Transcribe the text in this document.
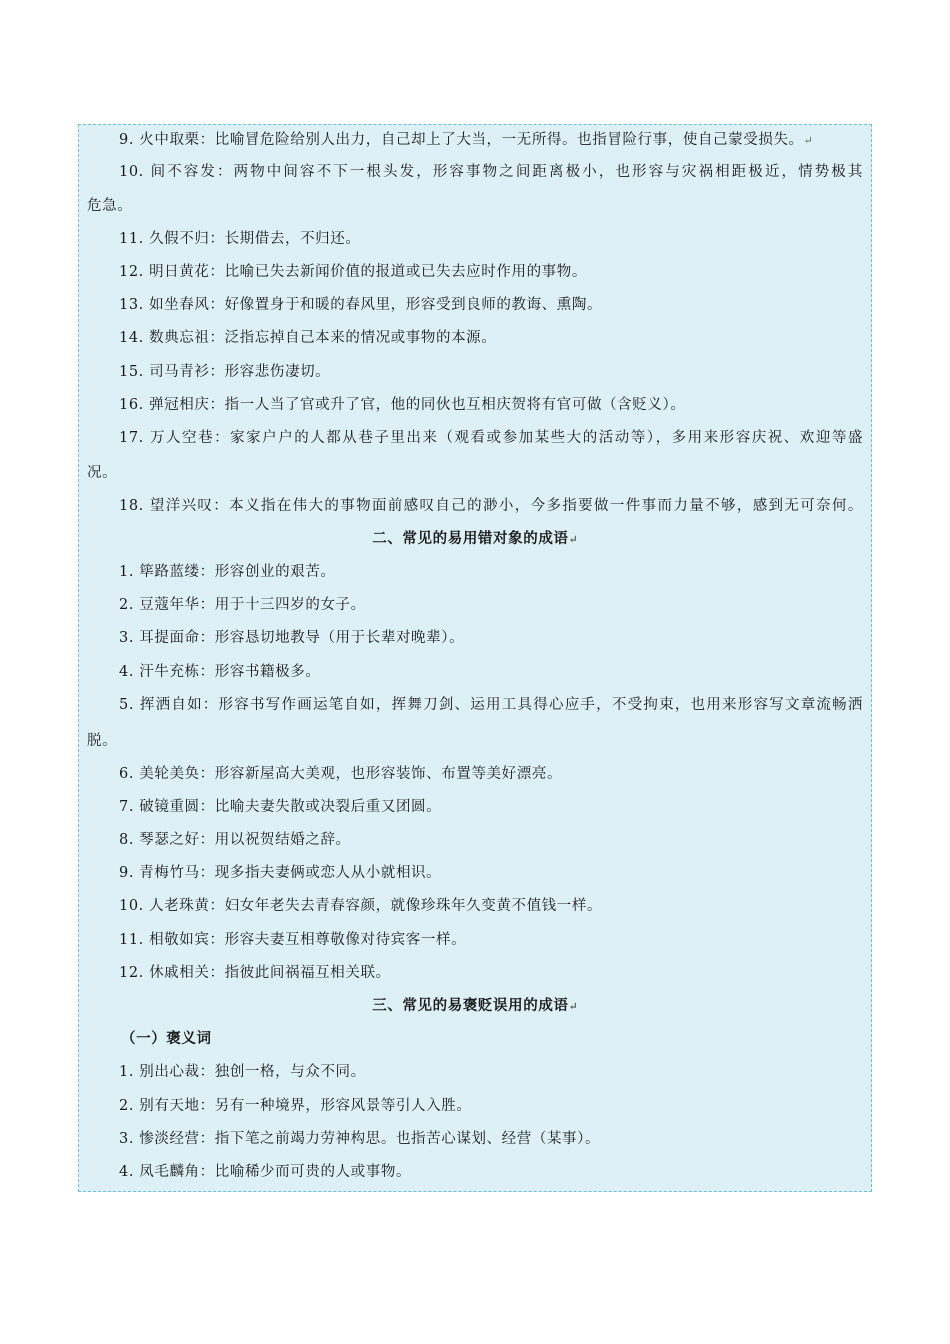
9. 火中取栗：比喻冒危险给别人出力，自己却上了大当，一无所得。也指冒险行事，使自己蒙受损失。↵
10. 间不容发：两物中间容不下一根头发，形容事物之间距离极小，也形容与灾祸相距极近，情势极其
危急。
11. 久假不归：长期借去，不归还。
12. 明日黄花：比喻已失去新闻价值的报道或已失去应时作用的事物。
13. 如坐春风：好像置身于和暖的春风里，形容受到良师的教诲、熏陶。
14. 数典忘祖：泛指忘掉自己本来的情况或事物的本源。
15. 司马青衫：形容悲伤凄切。
16. 弹冠相庆：指一人当了官或升了官，他的同伙也互相庆贺将有官可做（含贬义）。
17. 万人空巷：家家户户的人都从巷子里出来（观看或参加某些大的活动等），多用来形容庆祝、欢迎等盛
况。
18. 望洋兴叹：本义指在伟大的事物面前感叹自己的渺小，今多指要做一件事而力量不够，感到无可奈何。
二、常见的易用错对象的成语↵
1. 筚路蓝缕：形容创业的艰苦。
2. 豆蔻年华：用于十三四岁的女子。
3. 耳提面命：形容恳切地教导（用于长辈对晚辈）。
4. 汗牛充栋：形容书籍极多。
5. 挥洒自如：形容书写作画运笔自如，挥舞刀剑、运用工具得心应手，不受拘束，也用来形容写文章流畅洒
脱。
6. 美轮美奂：形容新屋高大美观，也形容装饰、布置等美好漂亮。
7. 破镜重圆：比喻夫妻失散或决裂后重又团圆。
8. 琴瑟之好：用以祝贺结婚之辞。
9. 青梅竹马：现多指夫妻俩或恋人从小就相识。
10. 人老珠黄：妇女年老失去青春容颜，就像珍珠年久变黄不值钱一样。
11. 相敬如宾：形容夫妻互相尊敬像对待宾客一样。
12. 休戚相关：指彼此间祸福互相关联。
三、常见的易褒贬误用的成语↵
（一）褒义词
1. 别出心裁：独创一格，与众不同。
2. 别有天地：另有一种境界，形容风景等引人入胜。
3. 惨淡经营：指下笔之前竭力劳神构思。也指苦心谋划、经营（某事）。
4. 凤毛麟角：比喻稀少而可贵的人或事物。
